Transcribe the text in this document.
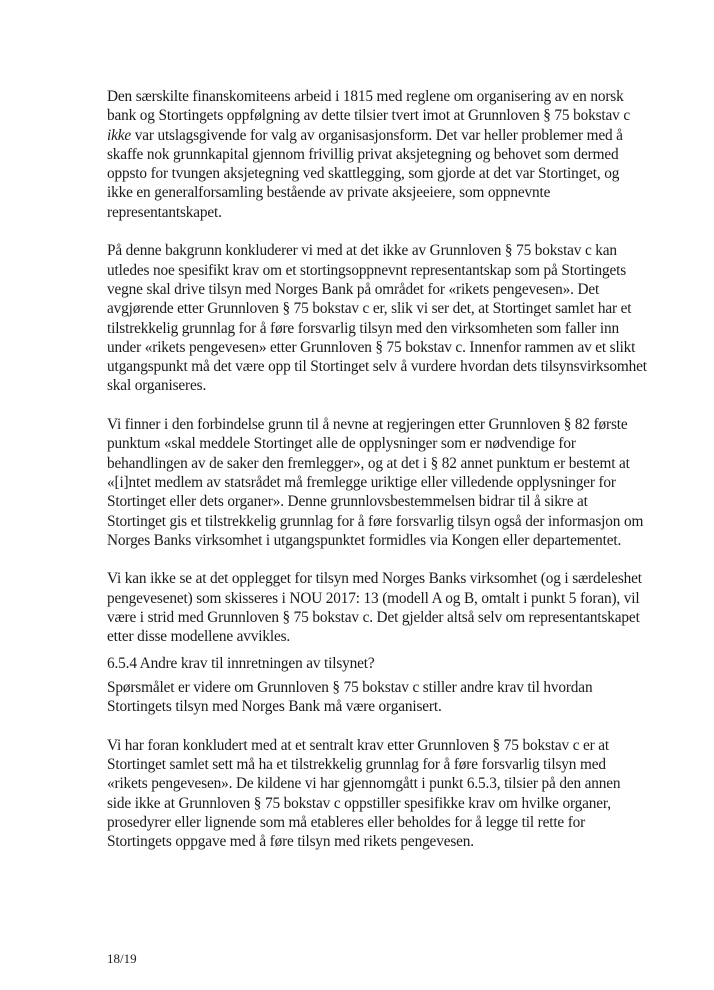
Den særskilte finanskomiteens arbeid i 1815 med reglene om organisering av en norsk bank og Stortingets oppfølgning av dette tilsier tvert imot at Grunnloven § 75 bokstav c ikke var utslagsgivende for valg av organisasjonsform. Det var heller problemer med å skaffe nok grunnkapital gjennom frivillig privat aksjetegning og behovet som dermed oppsto for tvungen aksjetegning ved skattlegging, som gjorde at det var Stortinget, og ikke en generalforsamling bestående av private aksjeeiere, som oppnevnte representantskapet.

På denne bakgrunn konkluderer vi med at det ikke av Grunnloven § 75 bokstav c kan utledes noe spesifikt krav om et stortingsoppnevnt representantskap som på Stortingets vegne skal drive tilsyn med Norges Bank på området for «rikets pengevesen». Det avgjørende etter Grunnloven § 75 bokstav c er, slik vi ser det, at Stortinget samlet har et tilstrekkelig grunnlag for å føre forsvarlig tilsyn med den virksomheten som faller inn under «rikets pengevesen» etter Grunnloven § 75 bokstav c. Innenfor rammen av et slikt utgangspunkt må det være opp til Stortinget selv å vurdere hvordan dets tilsynsvirksomhet skal organiseres.

Vi finner i den forbindelse grunn til å nevne at regjeringen etter Grunnloven § 82 første punktum «skal meddele Stortinget alle de opplysninger som er nødvendige for behandlingen av de saker den fremlegger», og at det i § 82 annet punktum er bestemt at «[i]ntet medlem av statsrådet må fremlegge uriktige eller villedende opplysninger for Stortinget eller dets organer». Denne grunnlovsbestemmelsen bidrar til å sikre at Stortinget gis et tilstrekkelig grunnlag for å føre forsvarlig tilsyn også der informasjon om Norges Banks virksomhet i utgangspunktet formidles via Kongen eller departementet.

Vi kan ikke se at det opplegget for tilsyn med Norges Banks virksomhet (og i særdeleshet pengevesenet) som skisseres i NOU 2017: 13 (modell A og B, omtalt i punkt 5 foran), vil være i strid med Grunnloven § 75 bokstav c. Det gjelder altså selv om representantskapet etter disse modellene avvikles.

6.5.4 Andre krav til innretningen av tilsynet?

Spørsmålet er videre om Grunnloven § 75 bokstav c stiller andre krav til hvordan Stortingets tilsyn med Norges Bank må være organisert.

Vi har foran konkludert med at et sentralt krav etter Grunnloven § 75 bokstav c er at Stortinget samlet sett må ha et tilstrekkelig grunnlag for å føre forsvarlig tilsyn med «rikets pengevesen». De kildene vi har gjennomgått i punkt 6.5.3, tilsier på den annen side ikke at Grunnloven § 75 bokstav c oppstiller spesifikke krav om hvilke organer, prosedyrer eller lignende som må etableres eller beholdes for å legge til rette for Stortingets oppgave med å føre tilsyn med rikets pengevesen.

18/19
